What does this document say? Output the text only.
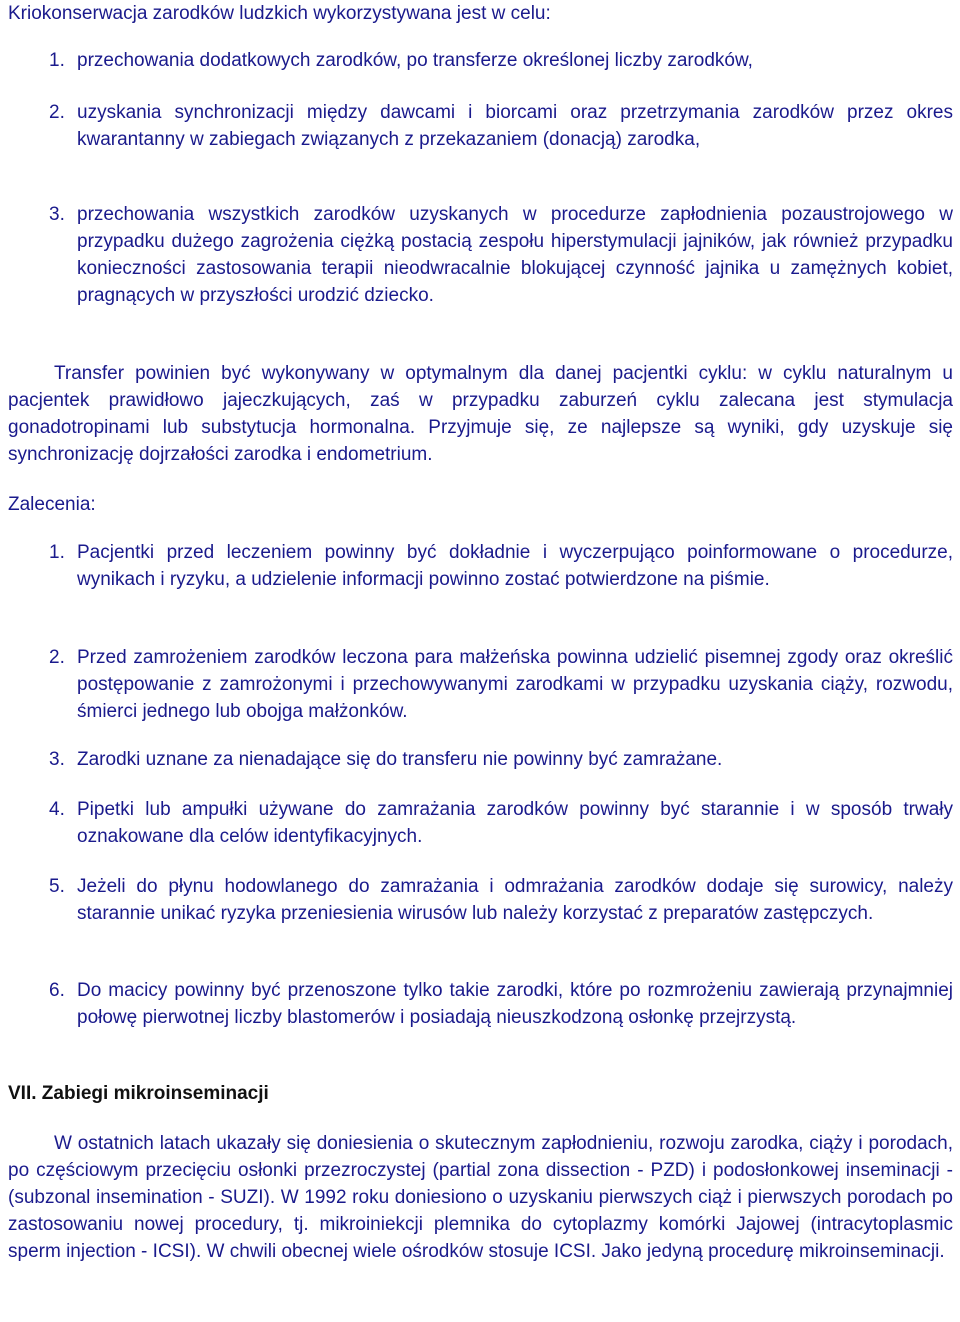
Kriokonserwacja zarodków ludzkich wykorzystywana jest w celu:

1. przechowania dodatkowych zarodków, po transferze określonej liczby zarodków,
2. uzyskania synchronizacji między dawcami i biorcami oraz przetrzymania zarodków przez okres kwarantanny w zabiegach związanych z przekazaniem (donacją) zarodka,
3. przechowania wszystkich zarodków uzyskanych w procedurze zapłodnienia pozaustrojowego w przypadku dużego zagrożenia ciężką postacią zespołu hiperstymulacji jajników, jak również przypadku konieczności zastosowania terapii nieodwracalnie blokującej czynność jajnika u zamężnych kobiet, pragnących w przyszłości urodzić dziecko.

Transfer powinien być wykonywany w optymalnym dla danej pacjentki cyklu: w cyklu naturalnym u pacjentek prawidłowo jajeczkujących, zaś w przypadku zaburzeń cyklu zalecana jest stymulacja gonadotropinami lub substytucja hormonalna. Przyjmuje się, ze najlepsze są wyniki, gdy uzyskuje się synchronizację dojrzałości zarodka i endometrium.

Zalecenia:

1. Pacjentki przed leczeniem powinny być dokładnie i wyczerpująco poinformowane o procedurze, wynikach i ryzyku, a udzielenie informacji powinno zostać potwierdzone na piśmie.
2. Przed zamrożeniem zarodków leczona para małżeńska powinna udzielić pisemnej zgody oraz określić postępowanie z zamrożonymi i przechowywanymi zarodkami w przypadku uzyskania ciąży, rozwodu, śmierci jednego lub obojga małżonków.
3. Zarodki uznane za nienadające się do transferu nie powinny być zamrażane.
4. Pipetki lub ampułki używane do zamrażania zarodków powinny być starannie i w sposób trwały oznakowane dla celów identyfikacyjnych.
5. Jeżeli do płynu hodowlanego do zamrażania i odmrażania zarodków dodaje się surowicy, należy starannie unikać ryzyka przeniesienia wirusów lub należy korzystać z preparatów zastępczych.
6. Do macicy powinny być przenoszone tylko takie zarodki, które po rozmrożeniu zawierają przynajmniej połowę pierwotnej liczby blastomerów i posiadają nieuszkodzoną osłonkę przejrzystą.

VII. Zabiegi mikroinseminacji

W ostatnich latach ukazały się doniesienia o skutecznym zapłodnieniu, rozwoju zarodka, ciąży i porodach, po częściowym przecięciu osłonki przezroczystej (partial zona dissection - PZD) i podosłonkowej inseminacji - (subzonal insemination - SUZI). W 1992 roku doniesiono o uzyskaniu pierwszych ciąż i pierwszych porodach po zastosowaniu nowej procedury, tj. mikroiniekcji plemnika do cytoplazmy komórki Jajowej (intracytoplasmic sperm injection - ICSI). W chwili obecnej wiele ośrodków stosuje ICSI. Jako jedyną procedurę mikroinseminacji.
